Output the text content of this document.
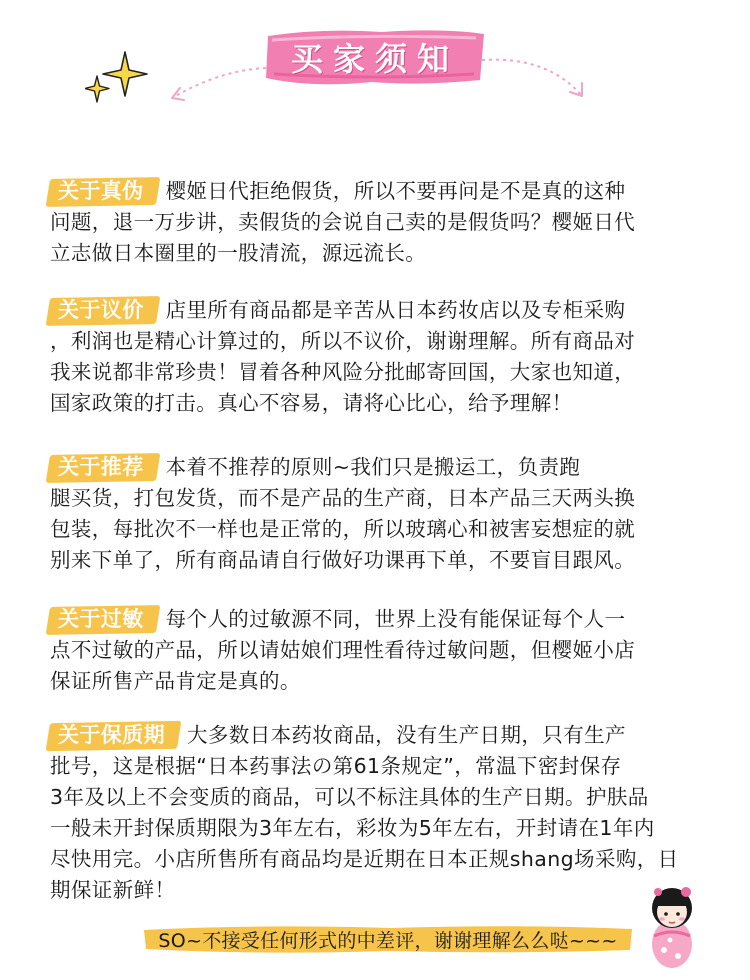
买家须知
关于真伪 樱姬日代拒绝假货，所以不要再问是不是真的这种
问题，退一万步讲，卖假货的会说自己卖的是假货吗？樱姬日代
立志做日本圈里的一股清流，源远流长。
关于议价 店里所有商品都是辛苦从日本药妆店以及专柜采购
，利润也是精心计算过的，所以不议价，谢谢理解。所有商品对
我来说都非常珍贵！冒着各种风险分批邮寄回国，大家也知道，
国家政策的打击。真心不容易，请将心比心，给予理解！
关于推荐 本着不推荐的原则~我们只是搬运工，负责跑
腿买货，打包发货，而不是产品的生产商，日本产品三天两头换
包装，每批次不一样也是正常的，所以玻璃心和被害妄想症的就
别来下单了，所有商品请自行做好功课再下单，不要盲目跟风。
关于过敏 每个人的过敏源不同，世界上没有能保证每个人一
点不过敏的产品，所以请姑娘们理性看待过敏问题，但樱姬小店
保证所售产品肯定是真的。
关于保质期 大多数日本药妆商品，没有生产日期，只有生产
批号，这是根据“日本药事法の第61条规定”，常温下密封保存
3年及以上不会变质的商品，可以不标注具体的生产日期。护肤品
一般未开封保质期限为3年左右，彩妆为5年左右，开封请在1年内
尽快用完。小店所售所有商品均是近期在日本正规shang场采购，日
期保证新鲜！
SO~不接受任何形式的中差评，谢谢理解么么哒~~~
